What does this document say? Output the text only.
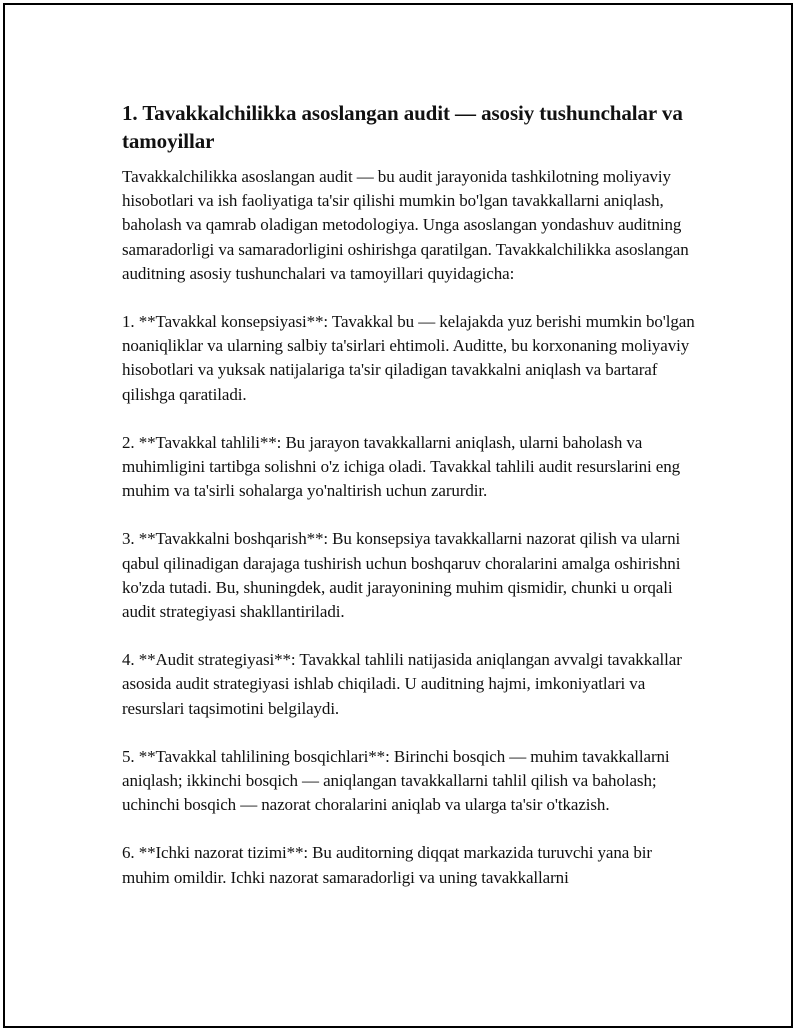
1. Tavakkalchilikka asoslangan audit — asosiy tushunchalar va tamoyillar

Tavakkalchilikka asoslangan audit — bu audit jarayonida tashkilotning moliyaviy hisobotlari va ish faoliyatiga ta'sir qilishi mumkin bo'lgan tavakkallarni aniqlash, baholash va qamrab oladigan metodologiya. Unga asoslangan yondashuv auditning samaradorligi va samaradorligini oshirishga qaratilgan. Tavakkalchilikka asoslangan auditning asosiy tushunchalari va tamoyillari quyidagicha:

1. **Tavakkal konsepsiyasi**: Tavakkal bu — kelajakda yuz berishi mumkin bo'lgan noaniqliklar va ularning salbiy ta'sirlari ehtimoli. Auditte, bu korxonaning moliyaviy hisobotlari va yuksak natijalariga ta'sir qiladigan tavakkalni aniqlash va bartaraf qilishga qaratiladi.

2. **Tavakkal tahlili**: Bu jarayon tavakkallarni aniqlash, ularni baholash va muhimligini tartibga solishni o'z ichiga oladi. Tavakkal tahlili audit resurslarini eng muhim va ta'sirli sohalarga yo'naltirish uchun zarurdir.

3. **Tavakkalni boshqarish**: Bu konsepsiya tavakkallarni nazorat qilish va ularni qabul qilinadigan darajaga tushirish uchun boshqaruv choralarini amalga oshirishni ko'zda tutadi. Bu, shuningdek, audit jarayonining muhim qismidir, chunki u orqali audit strategiyasi shakllantiriladi.

4. **Audit strategiyasi**: Tavakkal tahlili natijasida aniqlangan avvalgi tavakkallar asosida audit strategiyasi ishlab chiqiladi. U auditning hajmi, imkoniyatlari va resurslari taqsimotini belgilaydi.

5. **Tavakkal tahlilining bosqichlari**: Birinchi bosqich — muhim tavakkallarni aniqlash; ikkinchi bosqich — aniqlangan tavakkallarni tahlil qilish va baholash; uchinchi bosqich — nazorat choralarini aniqlab va ularga ta'sir o'tkazish.

6. **Ichki nazorat tizimi**: Bu auditorning diqqat markazida turuvchi yana bir muhim omildir. Ichki nazorat samaradorligi va uning tavakkallarni
